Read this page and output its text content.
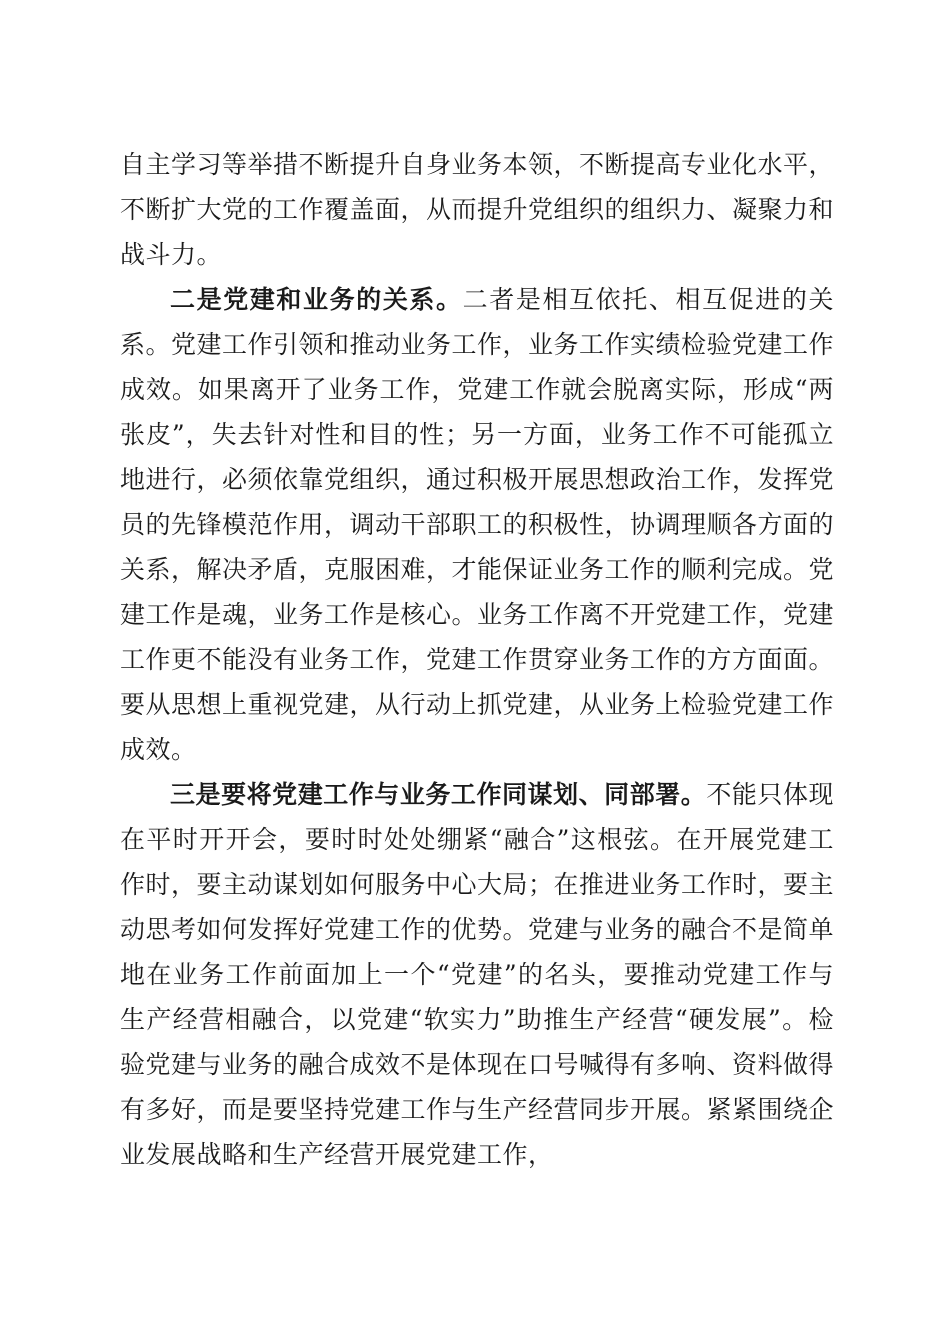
自主学习等举措不断提升自身业务本领，不断提高专业化水平，不断扩大党的工作覆盖面，从而提升党组织的组织力、凝聚力和战斗力。

二是党建和业务的关系。二者是相互依托、相互促进的关系。党建工作引领和推动业务工作，业务工作实绩检验党建工作成效。如果离开了业务工作，党建工作就会脱离实际，形成“两张皮”，失去针对性和目的性；另一方面，业务工作不可能孤立地进行，必须依靠党组织，通过积极开展思想政治工作，发挥党员的先锋模范作用，调动干部职工的积极性，协调理顺各方面的关系，解决矛盾，克服困难，才能保证业务工作的顺利完成。党建工作是魂，业务工作是核心。业务工作离不开党建工作，党建工作更不能没有业务工作，党建工作贯穿业务工作的方方面面。要从思想上重视党建，从行动上抓党建，从业务上检验党建工作成效。

三是要将党建工作与业务工作同谋划、同部署。不能只体现在平时开开会，要时时处处绷紧“融合”这根弦。在开展党建工作时，要主动谋划如何服务中心大局；在推进业务工作时，要主动思考如何发挥好党建工作的优势。党建与业务的融合不是简单地在业务工作前面加上一个“党建”的名头，要推动党建工作与生产经营相融合，以党建“软实力”助推生产经营“硬发展”。检验党建与业务的融合成效不是体现在口号喊得有多响、资料做得有多好，而是要坚持党建工作与生产经营同步开展。紧紧围绕企业发展战略和生产经营开展党建工作，
